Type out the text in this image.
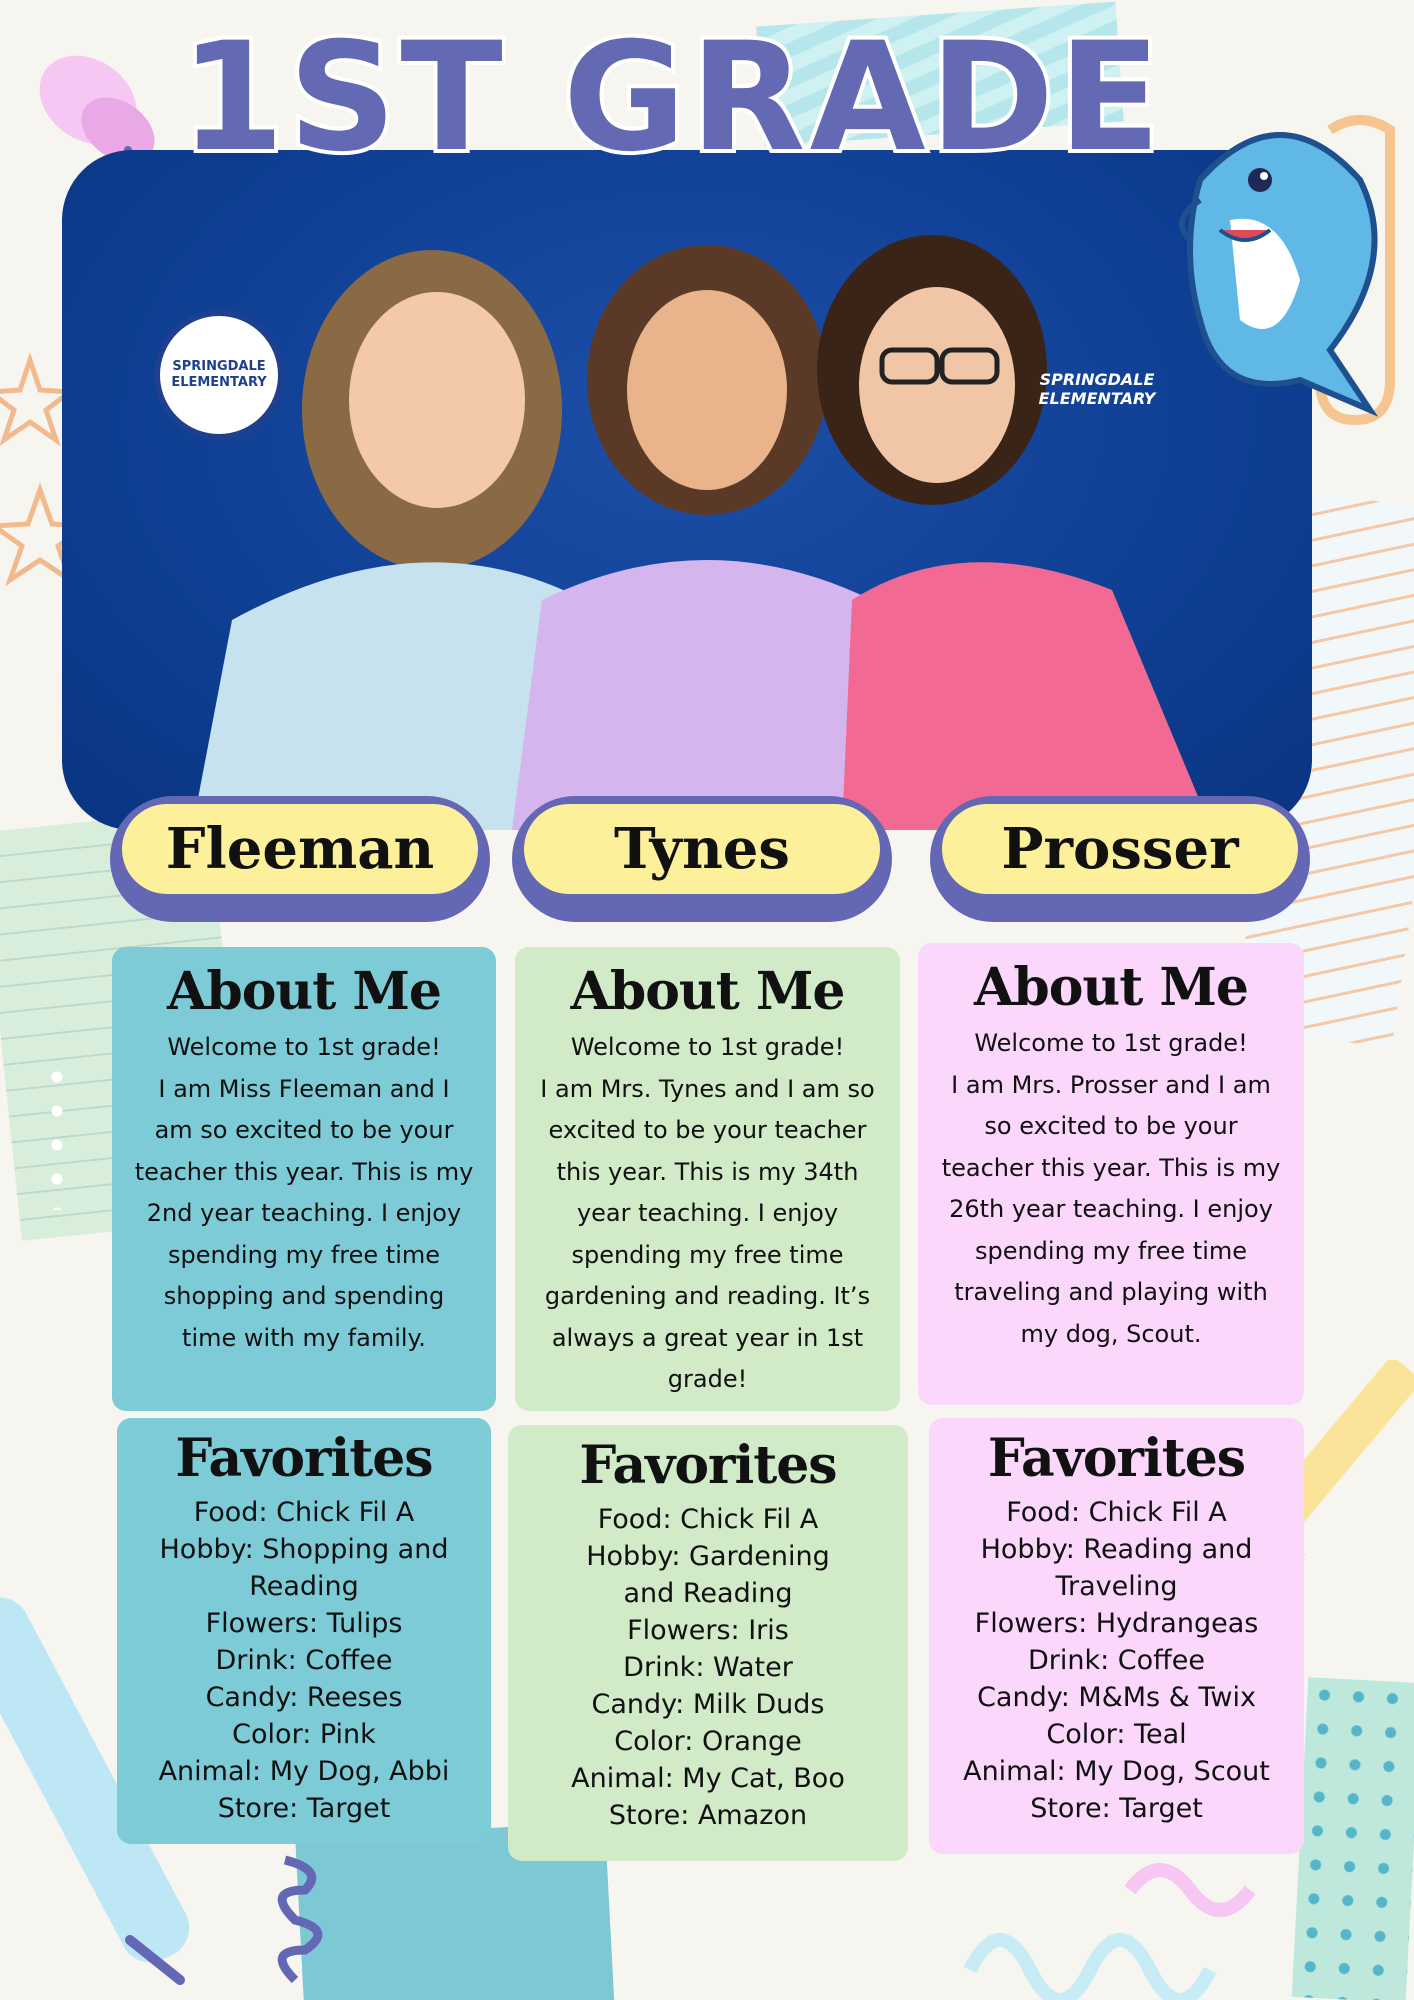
1ST GRADE
SPRINGDALE ELEMENTARY	SPRINGDALE ELEMENTARY
Fleeman	Tynes	Prosser
About Me
Welcome to 1st grade!
I am Miss Fleeman and I
am so excited to be your
teacher this year. This is my
2nd year teaching. I enjoy
spending my free time
shopping and spending
time with my family.
About Me
Welcome to 1st grade!
I am Mrs. Tynes and I am so
excited to be your teacher
this year. This is my 34th
year teaching. I enjoy
spending my free time
gardening and reading. It’s
always a great year in 1st
grade!
About Me
Welcome to 1st grade!
I am Mrs. Prosser and I am
so excited to be your
teacher this year. This is my
26th year teaching. I enjoy
spending my free time
traveling and playing with
my dog, Scout.
Favorites
Food: Chick Fil A
Hobby: Shopping and
Reading
Flowers: Tulips
Drink: Coffee
Candy: Reeses
Color: Pink
Animal: My Dog, Abbi
Store: Target
Favorites
Food: Chick Fil A
Hobby: Gardening
and Reading
Flowers: Iris
Drink: Water
Candy: Milk Duds
Color: Orange
Animal: My Cat, Boo
Store: Amazon
Favorites
Food: Chick Fil A
Hobby: Reading and
Traveling
Flowers: Hydrangeas
Drink: Coffee
Candy: M&Ms & Twix
Color: Teal
Animal: My Dog, Scout
Store: Target
